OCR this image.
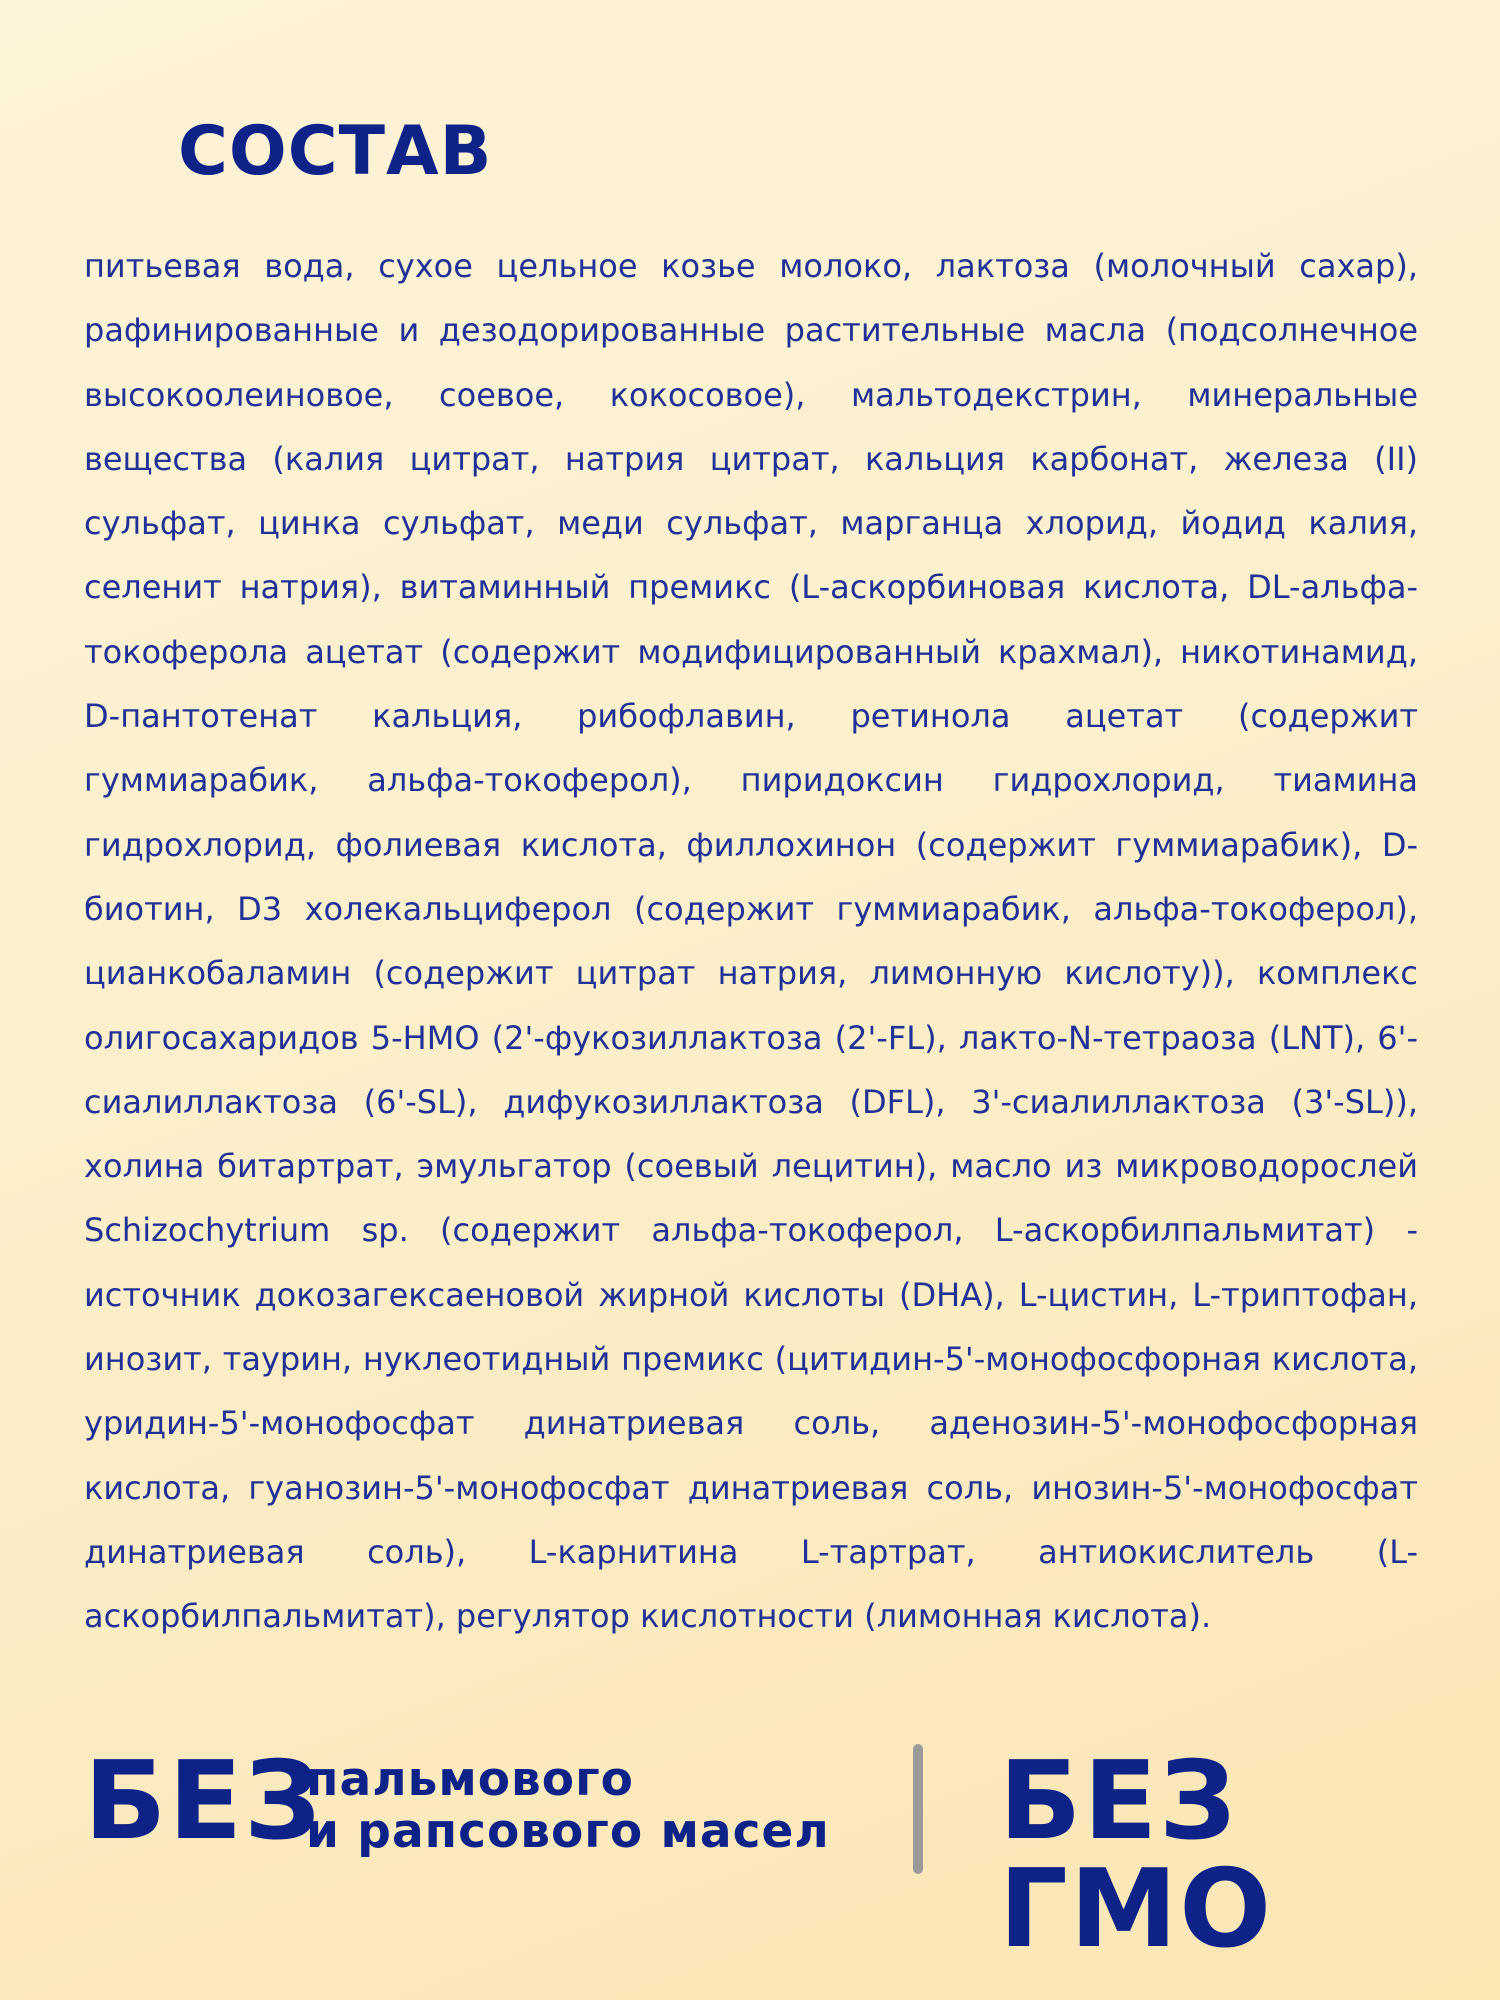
СОСТАВ

питьевая вода, сухое цельное козье молоко, лактоза (молочный сахар), рафинированные и дезодорированные растительные масла (подсолнечное высокоолеиновое, соевое, кокосовое), мальтодекстрин, минеральные вещества (калия цитрат, натрия цитрат, кальция карбонат, железа (II) сульфат, цинка сульфат, меди сульфат, марганца хлорид, йодид калия, селенит натрия), витаминный премикс (L-аскорбиновая кислота, DL-альфа-токоферола ацетат (содержит модифицированный крахмал), никотинамид, D-пантотенат кальция, рибофлавин, ретинола ацетат (содержит гуммиарабик, альфа-токоферол), пиридоксин гидрохлорид, тиамина гидрохлорид, фолиевая кислота, филлохинон (содержит гуммиарабик), D-биотин, D3 холекальциферол (содержит гуммиарабик, альфа-токоферол), цианкобаламин (содержит цитрат натрия, лимонную кислоту)), комплекс олигосахаридов 5-HMO (2'-фукозиллактоза (2'-FL), лакто-N-тетраоза (LNT), 6'-сиалиллактоза (6'-SL), дифукозиллактоза (DFL), 3'-сиалиллактоза (3'-SL)), холина битартрат, эмульгатор (соевый лецитин), масло из микроводорослей Schizochytrium sp. (содержит альфа-токоферол, L-аскорбилпальмитат) - источник докозагексаеновой жирной кислоты (DHA), L-цистин, L-триптофан, инозит, таурин, нуклеотидный премикс (цитидин-5'-монофосфорная кислота, уридин-5'-монофосфат динатриевая соль, аденозин-5'-монофосфорная кислота, гуанозин-5'-монофосфат динатриевая соль, инозин-5'-монофосфат динатриевая соль), L-карнитина L-тартрат, антиокислитель (L-аскорбилпальмитат), регулятор кислотности (лимонная кислота).

БЕЗ
пальмового
и рапсового масел БЕЗ ГМО
